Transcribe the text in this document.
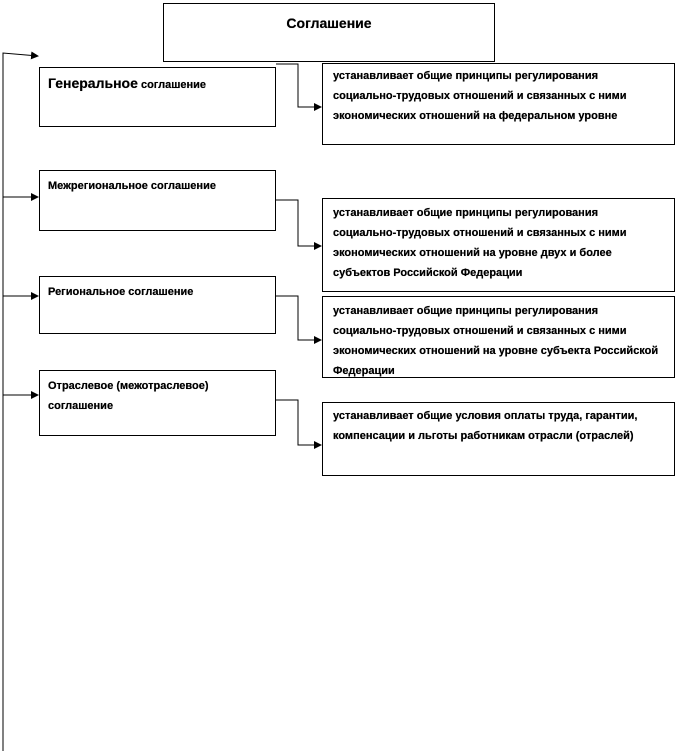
Соглашение
Генеральное соглашение
устанавливает общие принципы регулирования социально-трудовых отношений и связанных с ними экономических отношений на федеральном уровне
Межрегиональное соглашение
устанавливает общие принципы регулирования социально-трудовых отношений и связанных с ними экономических отношений на уровне двух и более субъектов Российской Федерации
Региональное соглашение
устанавливает общие принципы регулирования социально-трудовых отношений и связанных с ними экономических отношений на уровне субъекта Российской Федерации
Отраслевое (межотраслевое) соглашение
устанавливает общие условия оплаты труда, гарантии, компенсации и льготы работникам отрасли (отраслей)
